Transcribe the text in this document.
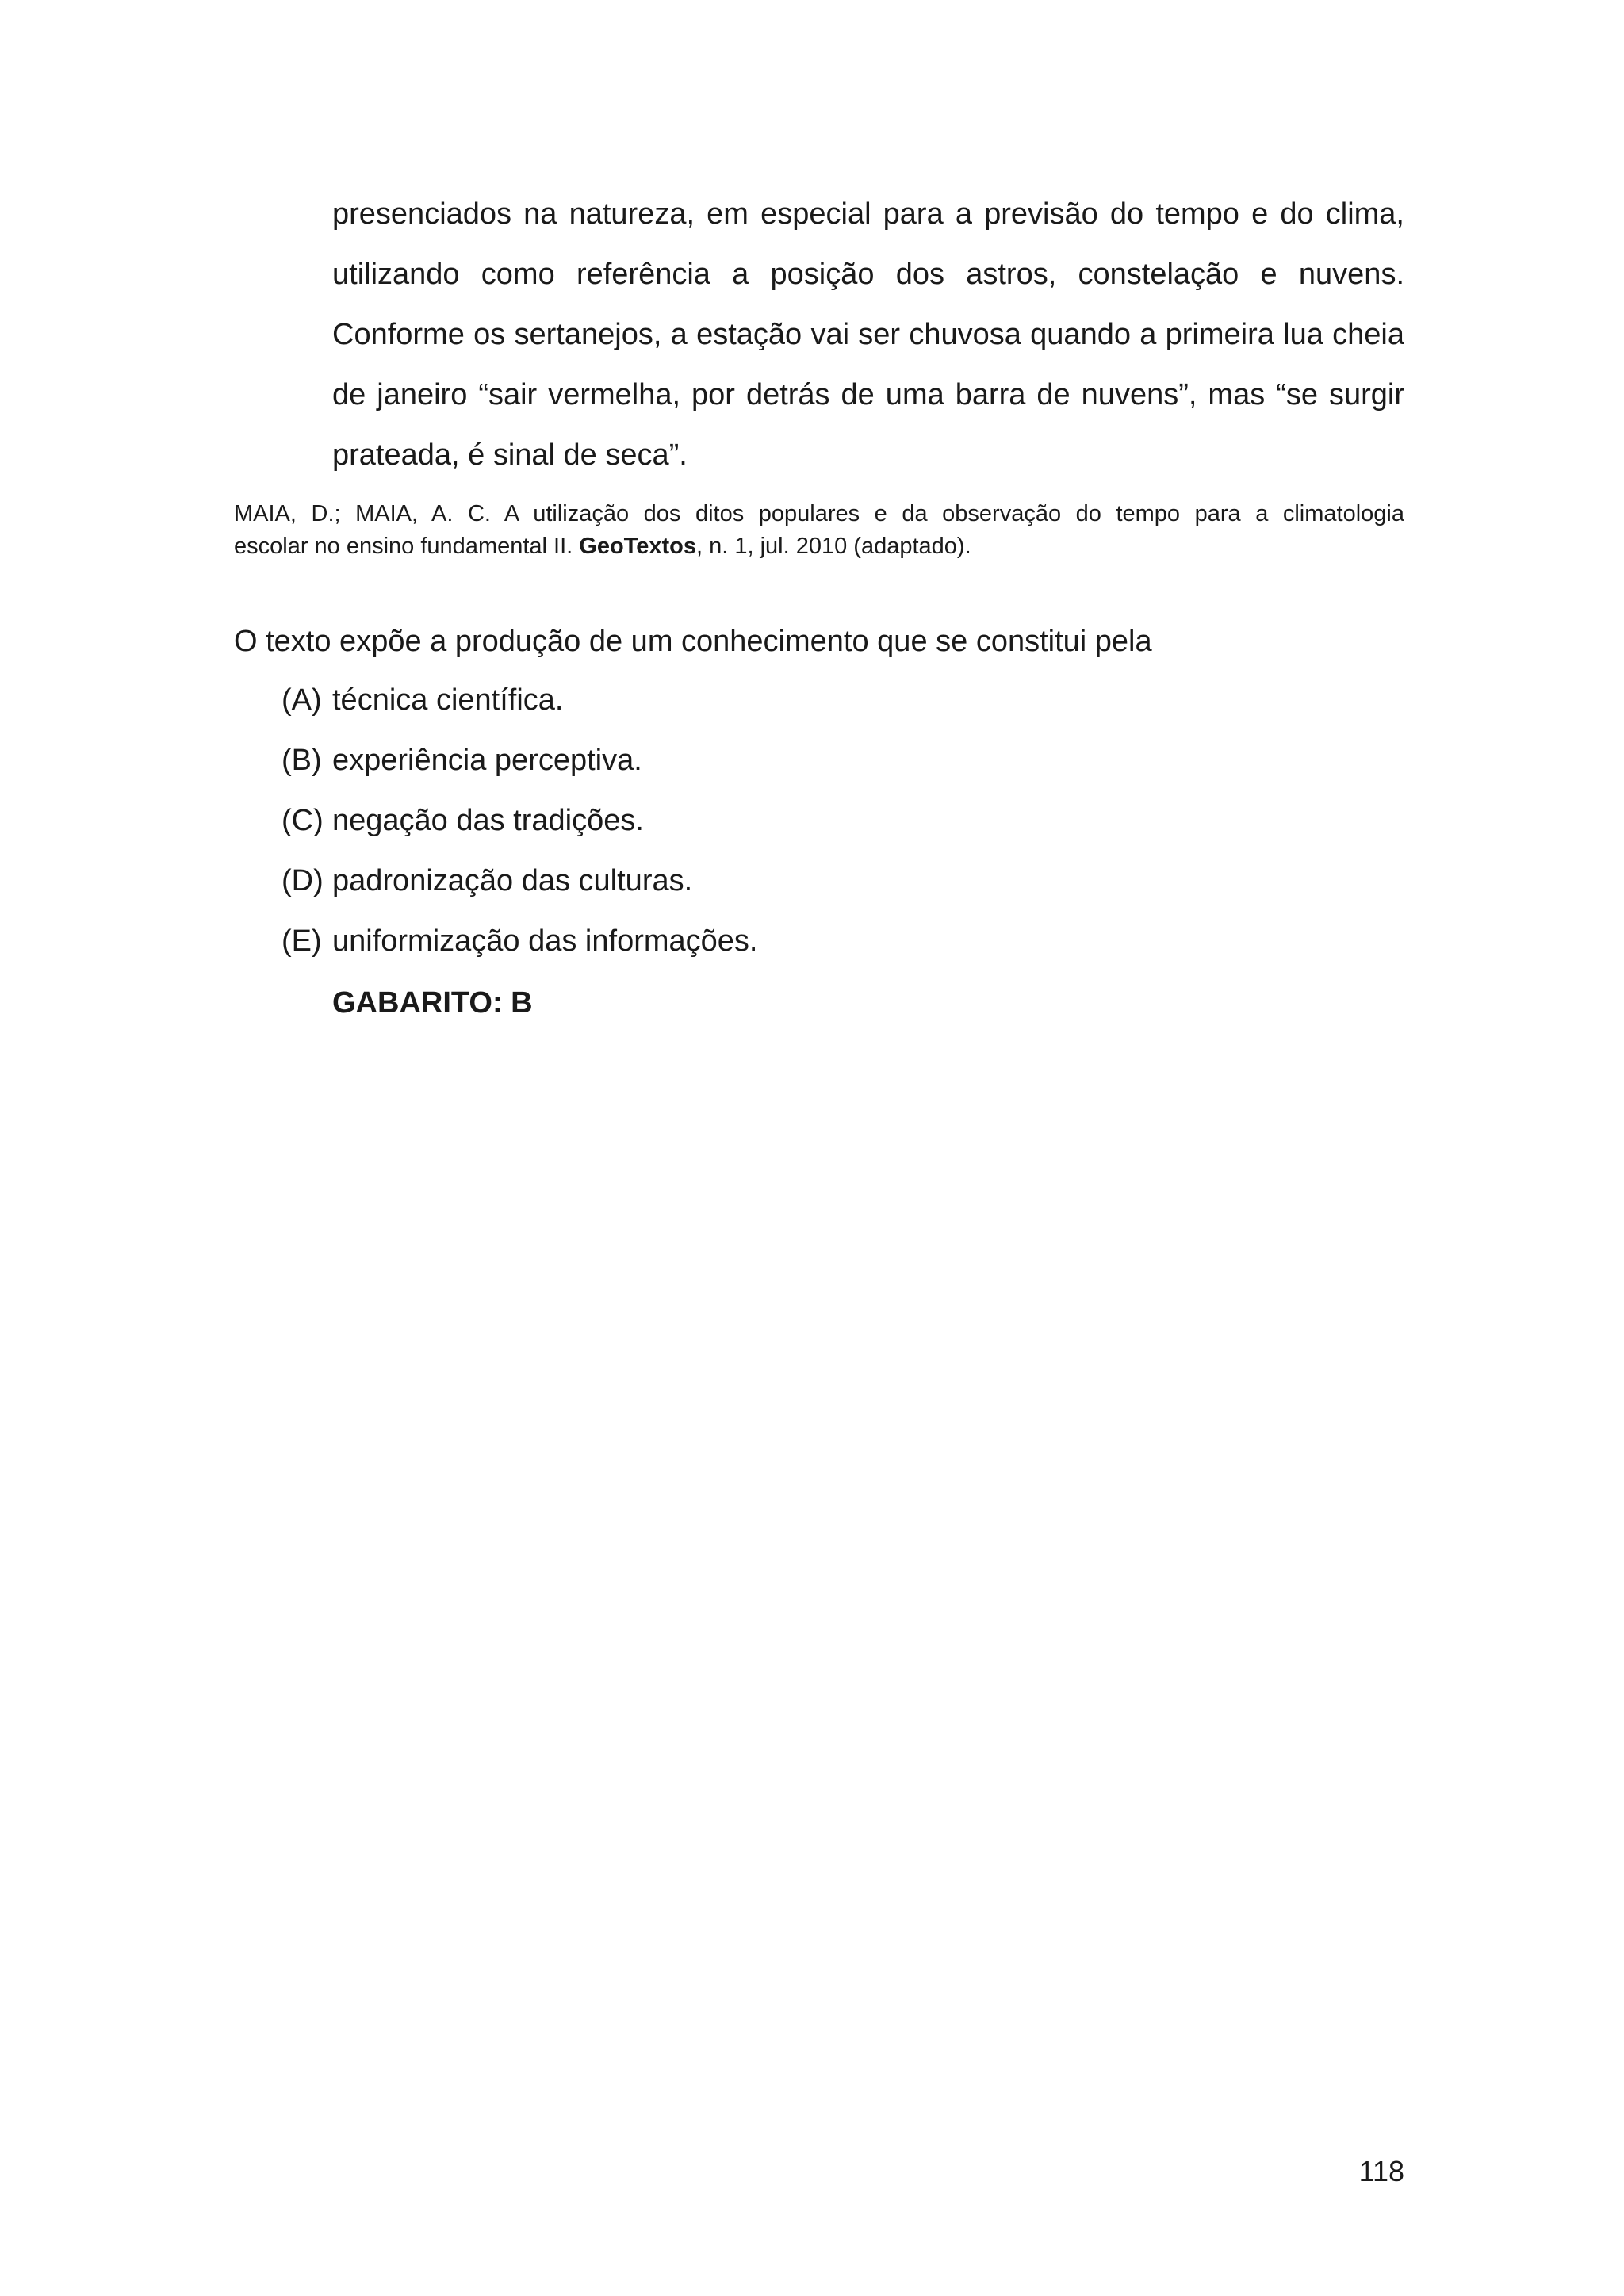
presenciados na natureza, em especial para a previsão do tempo e do clima,
utilizando como referência a posição dos astros, constelação e nuvens.
Conforme os sertanejos, a estação vai ser chuvosa quando a primeira lua cheia
de janeiro “sair vermelha, por detrás de uma barra de nuvens”, mas “se surgir
prateada, é sinal de seca”.
MAIA, D.; MAIA, A. C. A utilização dos ditos populares e da observação do tempo para a climatologia
escolar no ensino fundamental II. GeoTextos, n. 1, jul. 2010 (adaptado).
O texto expõe a produção de um conhecimento que se constitui pela
(A) técnica científica.
(B) experiência perceptiva.
(C) negação das tradições.
(D) padronização das culturas.
(E) uniformização das informações.
GABARITO: B
118
